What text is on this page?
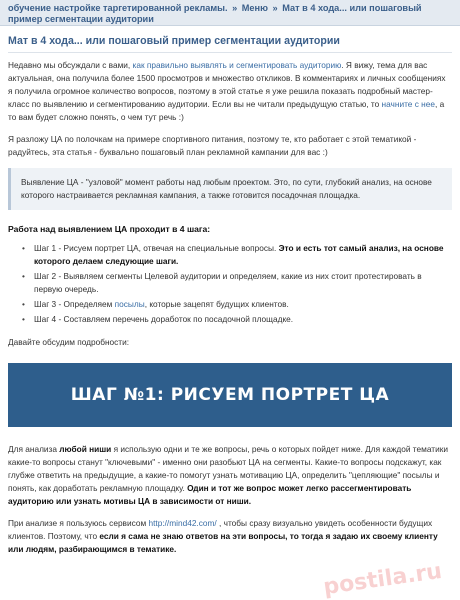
обучение настройке таргетированной рекламы. » Меню » Мат в 4 хода... или пошаговый пример сегментации аудитории
Мат в 4 хода... или пошаговый пример сегментации аудитории

Недавно мы обсуждали с вами, как правильно выявлять и сегментировать аудиторию. Я вижу, тема для вас актуальная, она получила более 1500 просмотров и множество откликов. В комментариях и личных сообщениях я получила огромное количество вопросов, поэтому в этой статье я уже решила показать подробный мастер-класс по выявлению и сегментированию аудитории. Если вы не читали предыдущую статью, то начните с нее, а то вам будет сложно понять, о чем тут речь :)

Я разложу ЦА по полочкам на примере спортивного питания, поэтому те, кто работает с этой тематикой - радуйтесь, эта статья - буквально пошаговый план рекламной кампании для вас :)

Выявление ЦА - "узловой" момент работы над любым проектом. Это, по сути, глубокий анализ, на основе которого настраивается рекламная кампания, а также готовится посадочная площадка.
Работа над выявлением ЦА проходит в 4 шага:
• Шаг 1 - Рисуем портрет ЦА, отвечая на специальные вопросы. Это и есть тот самый анализ, на основе которого делаем следующие шаги.
• Шаг 2 - Выявляем сегменты Целевой аудитории и определяем, какие из них стоит протестировать в первую очередь.
• Шаг 3 - Определяем посылы, которые зацепят будущих клиентов.
• Шаг 4 - Составляем перечень доработок по посадочной площадке.

Давайте обсудим подробности:

ШАГ №1: РИСУЕМ ПОРТРЕТ ЦА

Для анализа любой ниши я использую одни и те же вопросы, речь о которых пойдет ниже. Для каждой тематики какие-то вопросы станут "ключевыми" - именно они разобьют ЦА на сегменты. Какие-то вопросы подскажут, как глубже ответить на предыдущие, а какие-то помогут узнать мотивацию ЦА, определить "цепляющие" посылы и понять, как доработать рекламную площадку. Один и тот же вопрос может легко рассегментировать аудиторию или узнать мотивы ЦА в зависимости от ниши.

При анализе я пользуюсь сервисом http://mind42.com/ , чтобы сразу визуально увидеть особенности будущих клиентов. Поэтому, что если я сама не знаю ответов на эти вопросы, то тогда я задаю их своему клиенту или людям, разбирающимся в тематике.

postila.ru
